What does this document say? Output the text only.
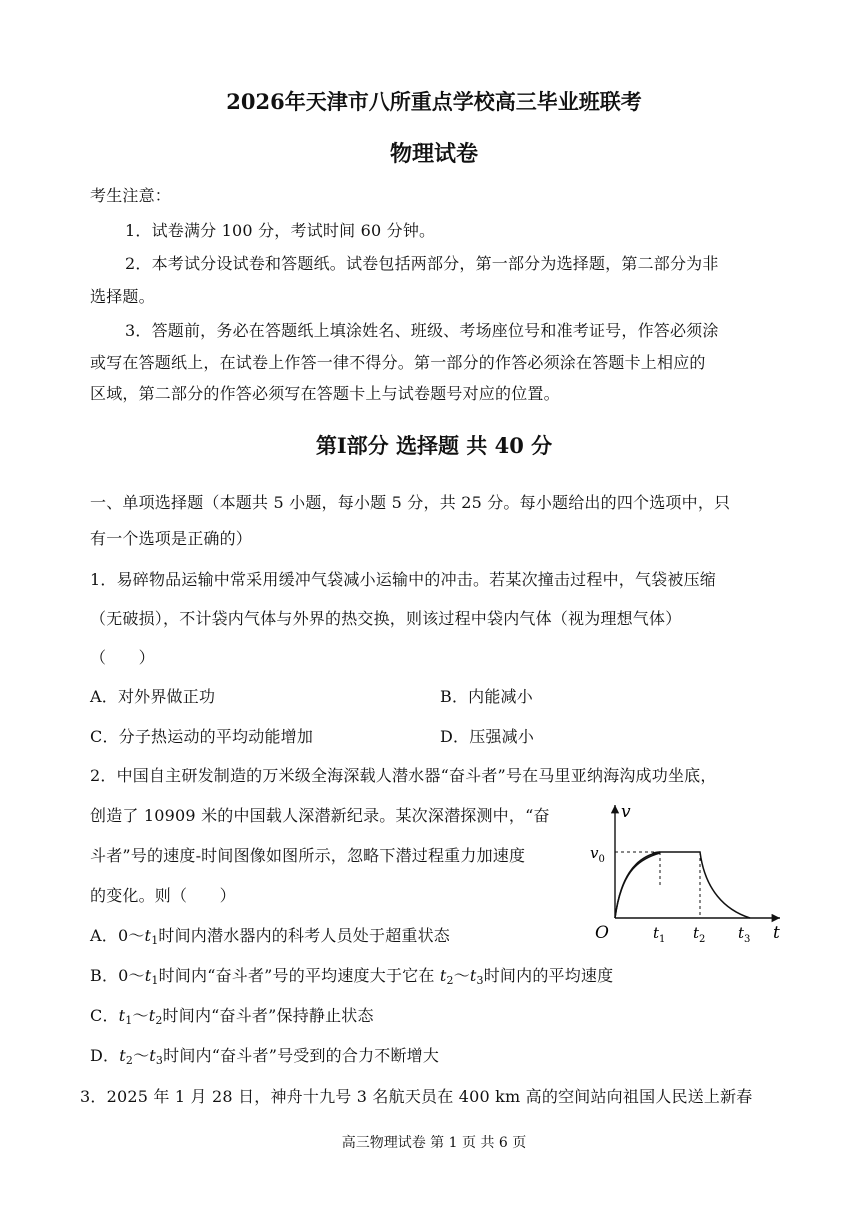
2026年天津市八所重点学校高三毕业班联考
物理试卷
考生注意：
1．试卷满分 100 分，考试时间 60 分钟。
2．本考试分设试卷和答题纸。试卷包括两部分，第一部分为选择题，第二部分为非
选择题。
3．答题前，务必在答题纸上填涂姓名、班级、考场座位号和准考证号，作答必须涂
或写在答题纸上，在试卷上作答一律不得分。第一部分的作答必须涂在答题卡上相应的
区域，第二部分的作答必须写在答题卡上与试卷题号对应的位置。
第I部分 选择题 共 40 分
一、单项选择题（本题共 5 小题，每小题 5 分，共 25 分。每小题给出的四个选项中，只
有一个选项是正确的）
1．易碎物品运输中常采用缓冲气袋减小运输中的冲击。若某次撞击过程中，气袋被压缩
（无破损），不计袋内气体与外界的热交换，则该过程中袋内气体（视为理想气体）
（　　）
A．对外界做正功	B．内能减小
C．分子热运动的平均动能增加	D．压强减小
2．中国自主研发制造的万米级全海深载人潜水器“奋斗者”号在马里亚纳海沟成功坐底，
创造了 10909 米的中国载人深潜新纪录。某次深潜探测中，“奋
斗者”号的速度-时间图像如图所示，忽略下潜过程重力加速度
的变化。则（　　）
A．$0\sim t_1$时间内潜水器内的科考人员处于超重状态
B．$0\sim t_1$时间内“奋斗者”号的平均速度大于它在 $t_2\sim t_3$时间内的平均速度
C．$t_1\sim t_2$时间内“奋斗者”保持静止状态
D．$t_2\sim t_3$时间内“奋斗者”号受到的合力不断增大
3．2025 年 1 月 28 日，神舟十九号 3 名航天员在 400 km 高的空间站向祖国人民送上新春
v
t
$v_0$
O	$t_1$ $t_2$ $t_3$
高三物理试卷 第 1 页 共 6 页
